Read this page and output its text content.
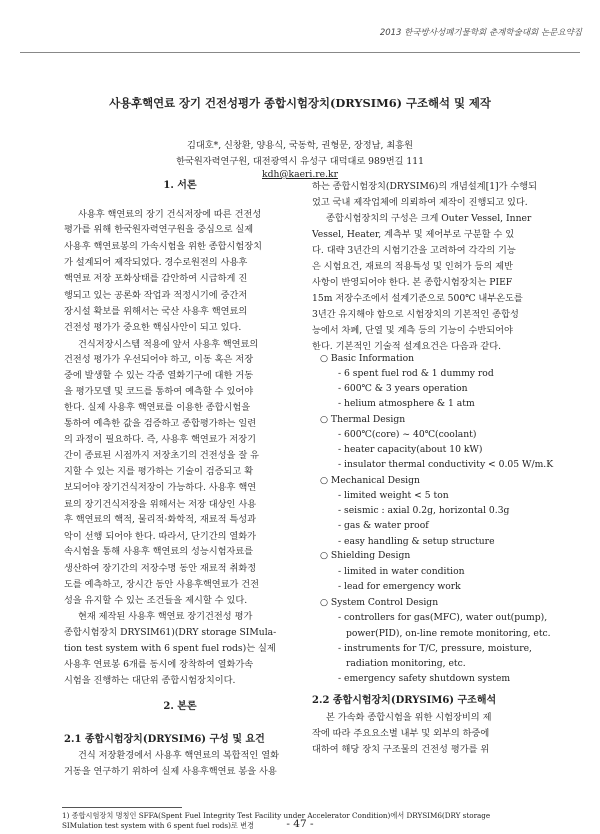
2013 한국방사성폐기물학회 춘계학술대회 논문요약집
사용후핵연료 장기 건전성평가 종합시험장치(DRYSIM6) 구조해석 및 제작
김대호*, 신창환, 양용식, 국동학, 권형문, 장정남, 최흥원
한국원자력연구원, 대전광역시 유성구 대덕대로 989번길 111
kdh@kaeri.re.kr
1. 서론
사용후 핵연료의 장기 건식저장에 따른 건전성
평가를 위해 한국원자력연구원을 중심으로 실제
사용후 핵연료봉의 가속시험을 위한 종합시험장치
가 설계되어 제작되었다. 경수로원전의 사용후
핵연료 저장 포화상태를 감안하여 시급하게 진
행되고 있는 공론화 작업과 적정시기에 중간저
장시설 확보를 위해서는 국산 사용후 핵연료의
건전성 평가가 중요한 핵심사안이 되고 있다.
건식저장시스템 적용에 앞서 사용후 핵연료의
건전성 평가가 우선되어야 하고, 이동 혹은 저장
중에 발생할 수 있는 각종 열화기구에 대한 거동
을 평가모델 및 코드를 통하여 예측할 수 있어야
한다. 실제 사용후 핵연료를 이용한 종합시험을
통하여 예측한 값을 검증하고 종합평가하는 일련
의 과정이 필요하다. 즉, 사용후 핵연료가 저장기
간이 종료된 시점까지 저장초기의 건전성을 잘 유
지할 수 있는 지를 평가하는 기술이 검증되고 확
보되어야 장기건식저장이 가능하다. 사용후 핵연
료의 장기건식저장을 위해서는 저장 대상인 사용
후 핵연료의 핵적, 물리적·화학적, 재료적 특성과
악이 선행 되어야 한다. 따라서, 단기간의 열화가
속시험을 통해 사용후 핵연료의 성능시험자료를
생산하여 장기간의 저장수명 동안 재료적 취화정
도를 예측하고, 장시간 동안 사용후핵연료가 건전
성을 유지할 수 있는 조건들을 제시할 수 있다.
현재 제작된 사용후 핵연료 장기건전성 평가
종합시험장치 DRYSIM61)(DRY storage SIMula-
tion test system with 6 spent fuel rods)는 실제
사용후 연료봉 6개를 동시에 장착하여 열화가속
시험을 진행하는 대단위 종합시험장치이다.
2. 본론
2.1 종합시험장치(DRYSIM6) 구성 및 요건
건식 저장환경에서 사용후 핵연료의 복합적인 열화
거동을 연구하기 위하여 실제 사용후핵연료 봉을 사용
하는 종합시험장치(DRYSIM6)의 개념설계[1]가 수행되
었고 국내 제작업체에 의뢰하여 제작이 진행되고 있다.
종합시험장치의 구성은 크게 Outer Vessel, Inner
Vessel, Heater, 계측부 및 제어부로 구분할 수 있
다. 대략 3년간의 시험기간을 고려하여 각각의 기능
은 시험요건, 재료의 적용특성 및 인허가 등의 제반
사항이 반영되어야 한다. 본 종합시험장치는 PIEF
15m 저장수조에서 설계기준으로 500℃ 내부온도를
3년간 유지해야 함으로 시험장치의 기본적인 종합성
능에서 차폐, 단열 및 계측 등의 기능이 수반되어야
한다. 기본적인 기술적 설계요건은 다음과 같다.
○ Basic Information
- 6 spent fuel rod & 1 dummy rod
- 600℃ & 3 years operation
- helium atmosphere & 1 atm
○ Thermal Design
- 600℃(core) ~ 40℃(coolant)
- heater capacity(about 10 kW)
- insulator thermal conductivity < 0.05 W/m.K
○ Mechanical Design
- limited weight < 5 ton
- seismic : axial 0.2g, horizontal 0.3g
- gas & water proof
- easy handling & setup structure
○ Shielding Design
- limited in water condition
- lead for emergency work
○ System Control Design
- controllers for gas(MFC), water out(pump),
power(PID), on-line remote monitoring, etc.
- instruments for T/C, pressure, moisture,
radiation monitoring, etc.
- emergency safety shutdown system
2.2 종합시험장치(DRYSIM6) 구조해석
본 가속화 종합시험을 위한 시험장비의 제
작에 따라 주요요소별 내부 및 외부의 하중에
대하여 해당 장치 구조물의 건전성 평가를 위
1) 종합시험장치 명칭인 SFFA(Spent Fuel Integrity Test Facility under Accelerator Condition)에서 DRYSIM6(DRY storage
SIMulation test system with 6 spent fuel rods)로 변경	- 47 -
